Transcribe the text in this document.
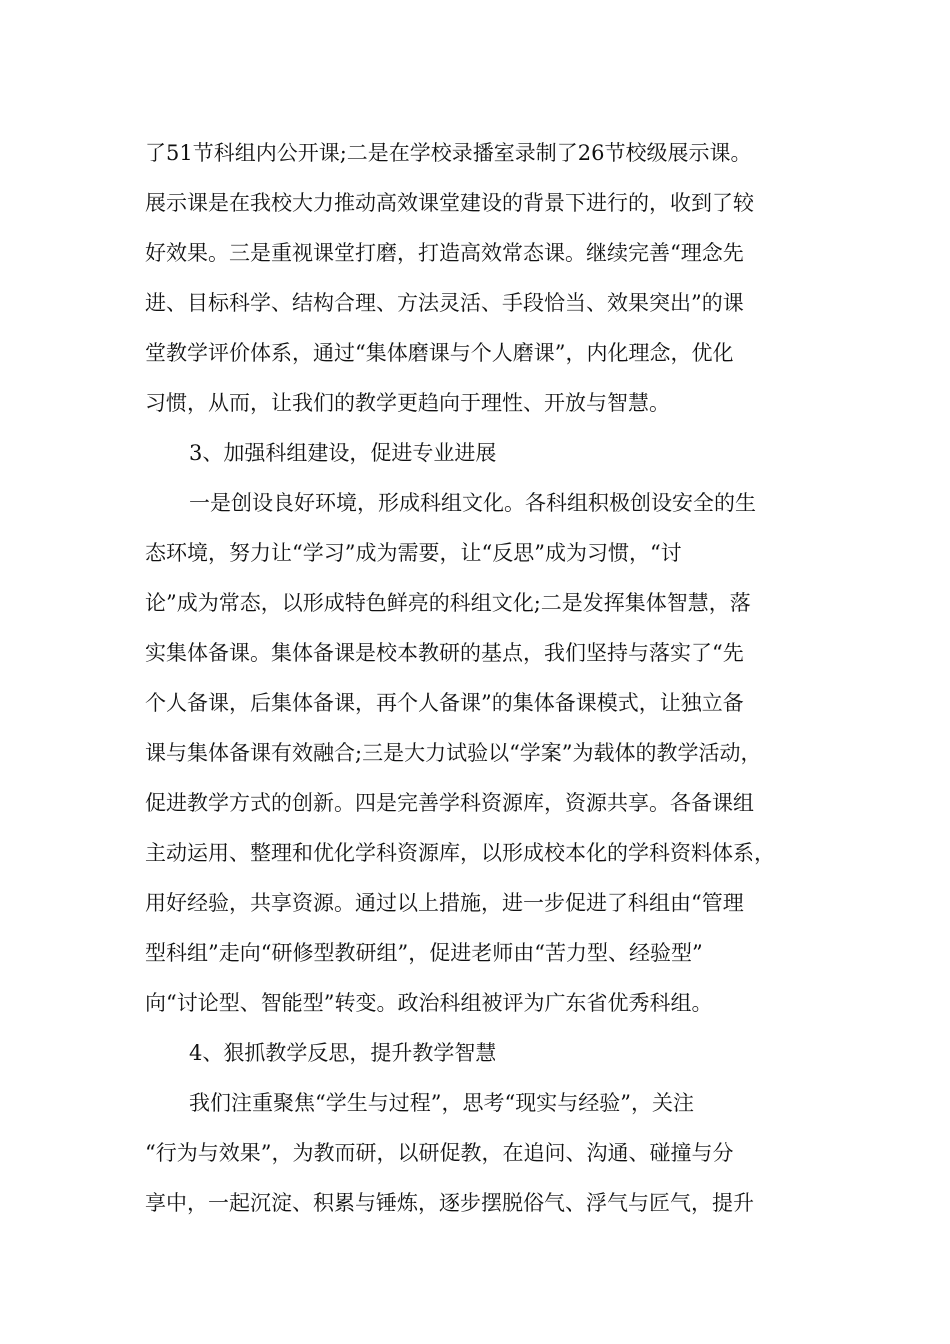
了51节科组内公开课;二是在学校录播室录制了26节校级展示课。
展示课是在我校大力推动高效课堂建设的背景下进行的，收到了较
好效果。三是重视课堂打磨，打造高效常态课。继续完善“理念先
进、目标科学、结构合理、方法灵活、手段恰当、效果突出”的课
堂教学评价体系，通过“集体磨课与个人磨课”，内化理念，优化
习惯，从而，让我们的教学更趋向于理性、开放与智慧。
3、加强科组建设，促进专业进展
一是创设良好环境，形成科组文化。各科组积极创设安全的生
态环境，努力让“学习”成为需要，让“反思”成为习惯，“讨
论”成为常态，以形成特色鲜亮的科组文化;二是发挥集体智慧，落
实集体备课。集体备课是校本教研的基点，我们坚持与落实了“先
个人备课，后集体备课，再个人备课”的集体备课模式，让独立备
课与集体备课有效融合;三是大力试验以“学案”为载体的教学活动，
促进教学方式的创新。四是完善学科资源库，资源共享。各备课组
主动运用、整理和优化学科资源库，以形成校本化的学科资料体系，
用好经验，共享资源。通过以上措施，进一步促进了科组由“管理
型科组”走向“研修型教研组”，促进老师由“苦力型、经验型”
向“讨论型、智能型”转变。政治科组被评为广东省优秀科组。
4、狠抓教学反思，提升教学智慧
我们注重聚焦“学生与过程”，思考“现实与经验”，关注
“行为与效果”，为教而研，以研促教，在追问、沟通、碰撞与分
享中，一起沉淀、积累与锤炼，逐步摆脱俗气、浮气与匠气，提升
